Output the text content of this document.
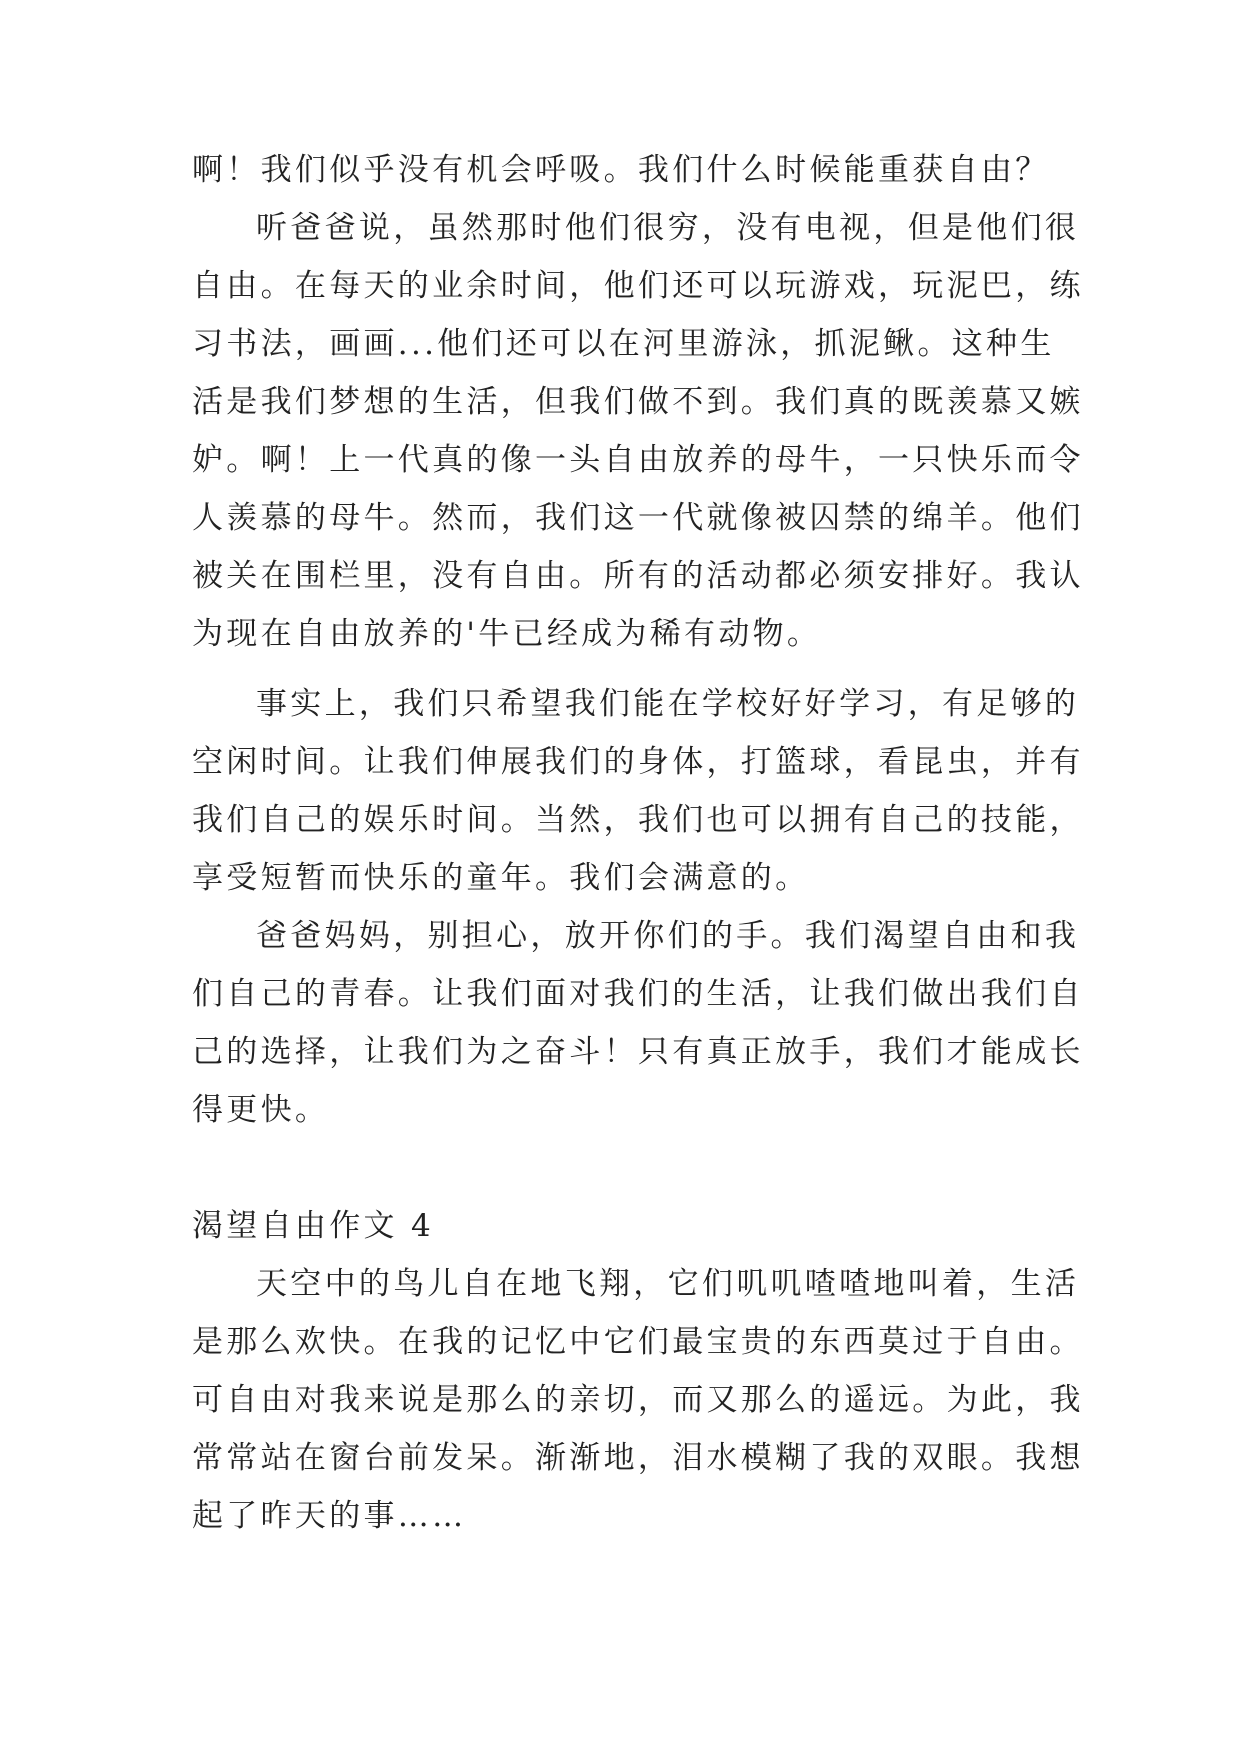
啊！我们似乎没有机会呼吸。我们什么时候能重获自由？
听爸爸说，虽然那时他们很穷，没有电视，但是他们很
自由。在每天的业余时间，他们还可以玩游戏，玩泥巴，练
习书法，画画...他们还可以在河里游泳，抓泥鳅。这种生
活是我们梦想的生活，但我们做不到。我们真的既羡慕又嫉
妒。啊！上一代真的像一头自由放养的母牛，一只快乐而令
人羡慕的母牛。然而，我们这一代就像被囚禁的绵羊。他们
被关在围栏里，没有自由。所有的活动都必须安排好。我认
为现在自由放养的'牛已经成为稀有动物。
事实上，我们只希望我们能在学校好好学习，有足够的
空闲时间。让我们伸展我们的身体，打篮球，看昆虫，并有
我们自己的娱乐时间。当然，我们也可以拥有自己的技能，
享受短暂而快乐的童年。我们会满意的。
爸爸妈妈，别担心，放开你们的手。我们渴望自由和我
们自己的青春。让我们面对我们的生活，让我们做出我们自
己的选择，让我们为之奋斗！只有真正放手，我们才能成长
得更快。
渴望自由作文 4
天空中的鸟儿自在地飞翔，它们叽叽喳喳地叫着，生活
是那么欢快。在我的记忆中它们最宝贵的东西莫过于自由。
可自由对我来说是那么的亲切，而又那么的遥远。为此，我
常常站在窗台前发呆。渐渐地，泪水模糊了我的双眼。我想
起了昨天的事……
